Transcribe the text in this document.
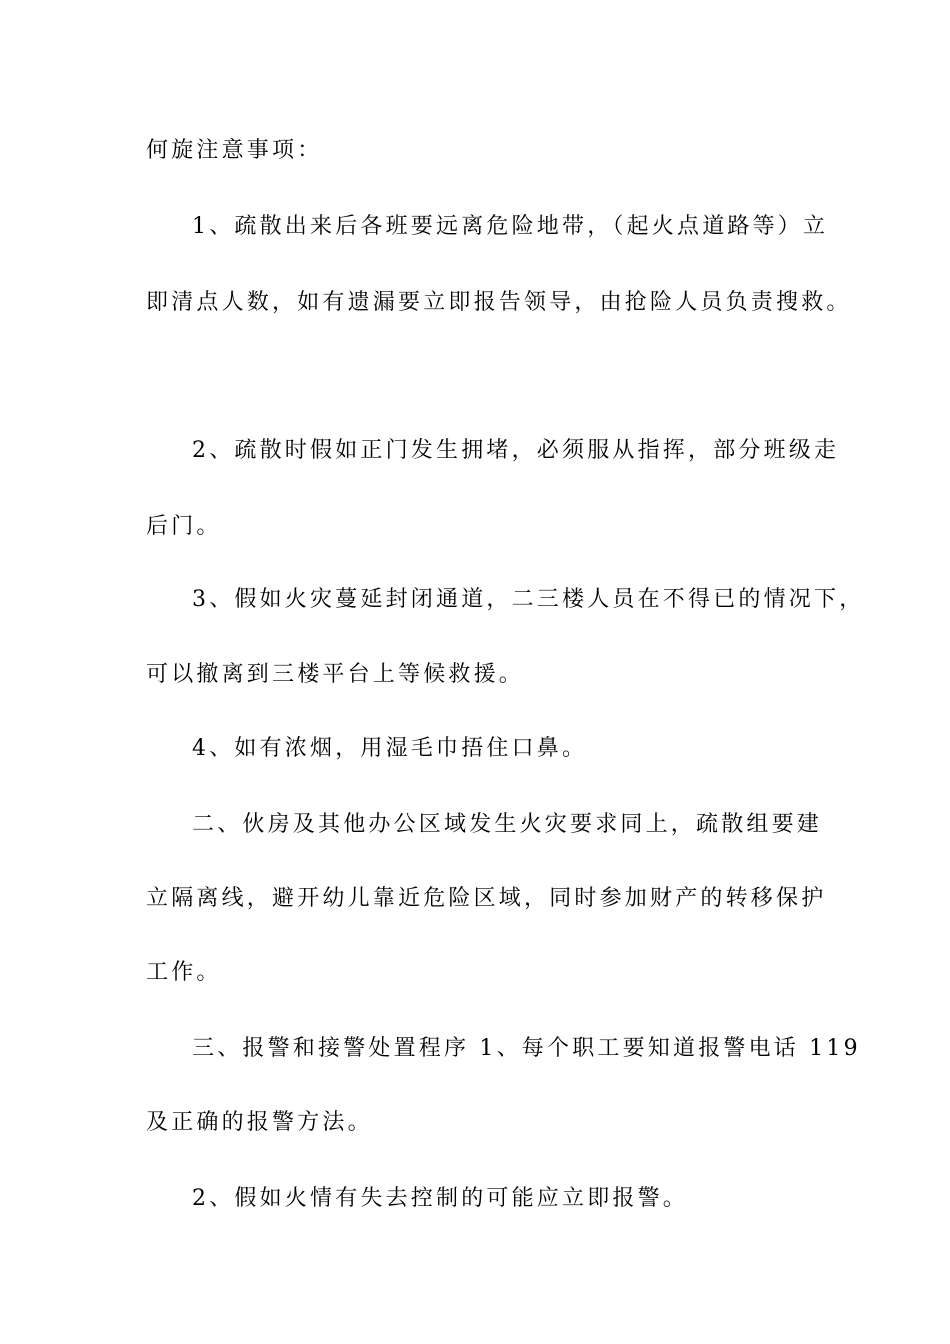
何旋注意事项：
1、疏散出来后各班要远离危险地带，（起火点道路等）立
即清点人数，如有遗漏要立即报告领导，由抢险人员负责搜救。
2、疏散时假如正门发生拥堵，必须服从指挥，部分班级走
后门。
3、假如火灾蔓延封闭通道，二三楼人员在不得已的情况下，
可以撤离到三楼平台上等候救援。
4、如有浓烟，用湿毛巾捂住口鼻。
二、伙房及其他办公区域发生火灾要求同上，疏散组要建
立隔离线，避开幼儿靠近危险区域，同时参加财产的转移保护
工作。
三、报警和接警处置程序 1、每个职工要知道报警电话 119
及正确的报警方法。
2、假如火情有失去控制的可能应立即报警。
